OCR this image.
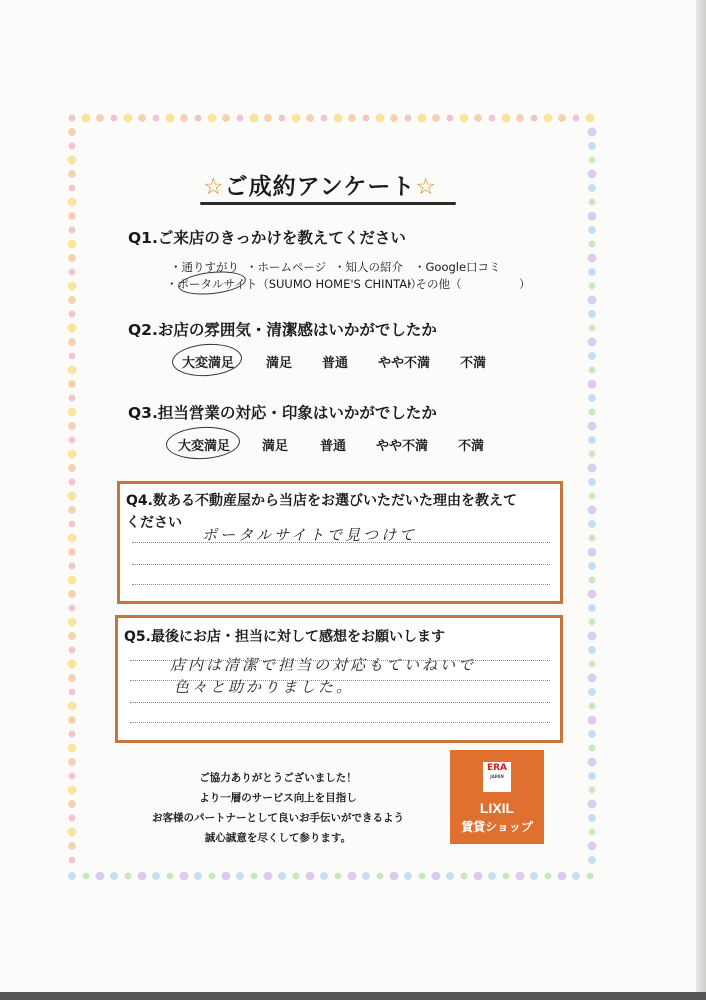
☆ご成約アンケート☆
Q1.ご来店のきっかけを教えてください
・通りすがり ・ホームページ ・知人の紹介 ・Google口コミ
・ポータルサイト（SUUMO HOME'S CHINTAI）
・その他（　　　　　）
Q2.お店の雰囲気・清潔感はいかがでしたか
大変満足 満足 普通 やや不満 不満
Q3.担当営業の対応・印象はいかがでしたか
大変満足 満足 普通 やや不満 不満
Q4.数ある不動産屋から当店をお選びいただいた理由を教えて
ください
ポータルサイトで見つけて
Q5.最後にお店・担当に対して感想をお願いします
店内は清潔で担当の対応もていねいで
色々と助かりました。
ご協力ありがとうございました！
より一層のサービス向上を目指し
お客様のパートナーとして良いお手伝いができるよう
誠心誠意を尽くして参ります。
ERA
JAPAN
LIXIL
賃貸ショップ
